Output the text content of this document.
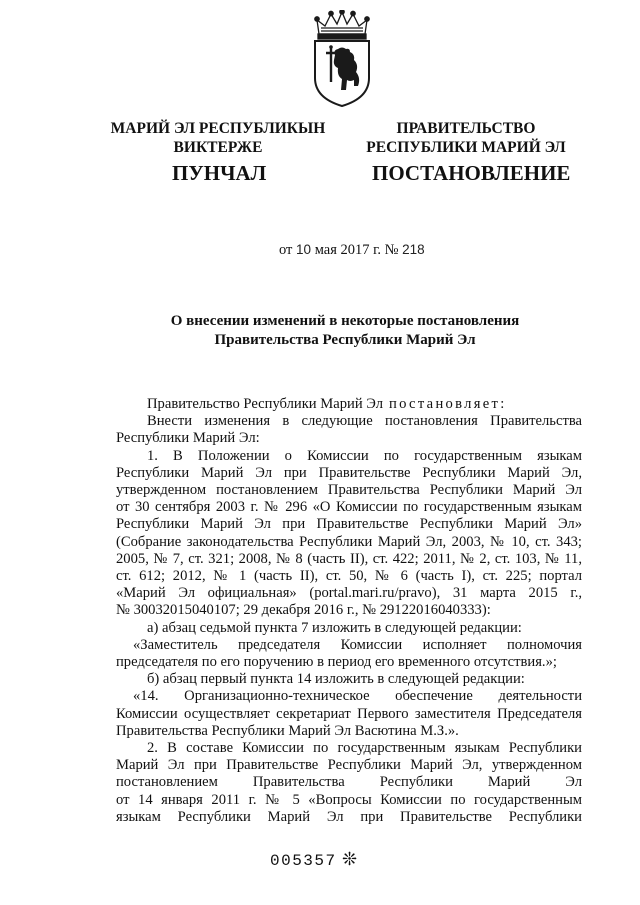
МАРИЙ ЭЛ РЕСПУБЛИКЫН
ВИКТЕРЖЕ
ПУНЧАЛ
ПРАВИТЕЛЬСТВО
РЕСПУБЛИКИ МАРИЙ ЭЛ
ПОСТАНОВЛЕНИЕ
от 10 мая 2017 г. № 218
О внесении изменений в некоторые постановления
Правительства Республики Марий Эл
Правительство Республики Марий Эл постановляет:
Внести изменения в следующие постановления Правительства
Республики Марий Эл:
1. В Положении о Комиссии по государственным языкам
Республики Марий Эл при Правительстве Республики Марий Эл,
утвержденном постановлением Правительства Республики Марий Эл
от 30 сентября 2003 г. № 296 «О Комиссии по государственным языкам
Республики Марий Эл при Правительстве Республики Марий Эл»
(Собрание законодательства Республики Марий Эл, 2003, № 10, ст. 343;
2005, № 7, ст. 321; 2008, № 8 (часть II), ст. 422; 2011, № 2, ст. 103, № 11,
ст. 612; 2012, № 1 (часть II), ст. 50, № 6 (часть I), ст. 225; портал
«Марий Эл официальная» (portal.mari.ru/pravo), 31 марта 2015 г.,
№ 30032015040107; 29 декабря 2016 г., № 29122016040333):
а) абзац седьмой пункта 7 изложить в следующей редакции:
«Заместитель председателя Комиссии исполняет полномочия
председателя по его поручению в период его временного отсутствия.»;
б) абзац первый пункта 14 изложить в следующей редакции:
«14. Организационно-техническое обеспечение деятельности
Комиссии осуществляет секретариат Первого заместителя Председателя
Правительства Республики Марий Эл Васютина М.З.».
2. В составе Комиссии по государственным языкам Республики
Марий Эл при Правительстве Республики Марий Эл, утвержденном
постановлением Правительства Республики Марий Эл
от 14 января 2011 г. № 5 «Вопросы Комиссии по государственным
языкам Республики Марий Эл при Правительстве Республики
005357 ❊
